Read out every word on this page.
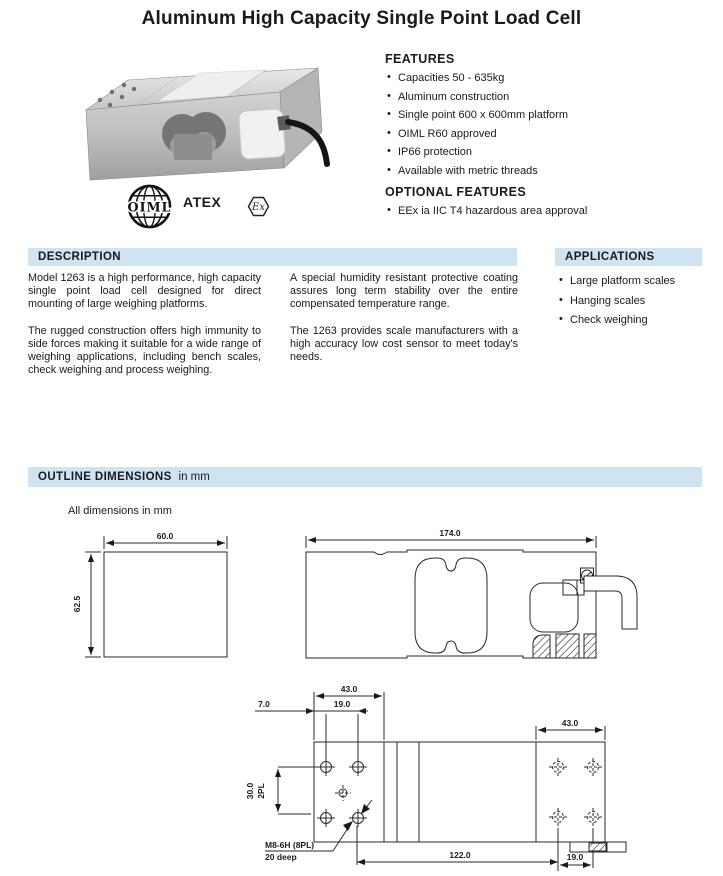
Aluminum High Capacity Single Point Load Cell
OIML ATEX	Ex
FEATURES
• Capacities 50 - 635kg
• Aluminum construction
• Single point 600 x 600mm platform
• OIML R60 approved
• IP66 protection
• Available with metric threads
OPTIONAL FEATURES
• EEx ia IIC T4 hazardous area approval
DESCRIPTION	APPLICATIONS

Model 1263 is a high performance, high capacity single point load cell designed for direct mounting of large weighing platforms.

The rugged construction offers high immunity to side forces making it suitable for a wide range of weighing applications, including bench scales, check weighing and process weighing.

A special humidity resistant protective coating assures long term stability over the entire compensated temperature range.

The 1263 provides scale manufacturers with a high accuracy low cost sensor to meet today's needs.

• Large platform scales
• Hanging scales
• Check weighing
OUTLINE DIMENSIONS in mm
All dimensions in mm
60.0
62.5
174.0
43.0
7.0	19.0
30.0 2PL
M8-6H (8PL)
20 deep	122.0
43.0
19.0
